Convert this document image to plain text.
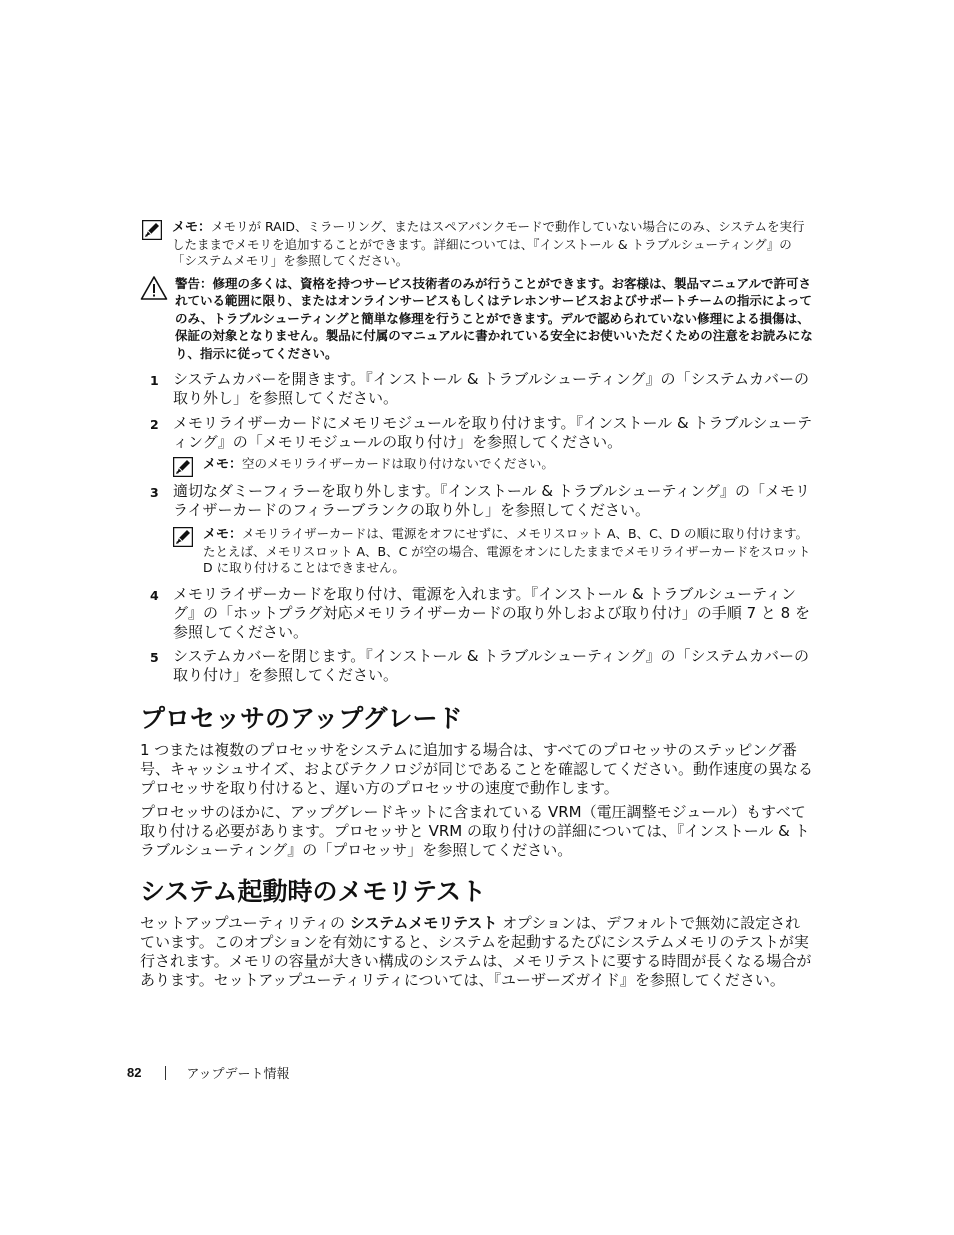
メモ：メモリが RAID、ミラーリング、またはスペアバンクモードで動作していない場合にのみ、システムを実行したままでメモリを追加することができます。詳細については、『インストール & トラブルシューティング』の「システムメモリ」を参照してください。
警告：修理の多くは、資格を持つサービス技術者のみが行うことができます。お客様は、製品マニュアルで許可されている範囲に限り、またはオンラインサービスもしくはテレホンサービスおよびサポートチームの指示によってのみ、トラブルシューティングと簡単な修理を行うことができます。デルで認められていない修理による損傷は、保証の対象となりません。製品に付属のマニュアルに書かれている安全にお使いいただくための注意をお読みになり、指示に従ってください。
1 システムカバーを開きます。『インストール & トラブルシューティング』の「システムカバーの取り外し」を参照してください。
2 メモリライザーカードにメモリモジュールを取り付けます。『インストール & トラブルシューティング』の「メモリモジュールの取り付け」を参照してください。
メモ：空のメモリライザーカードは取り付けないでください。
3 適切なダミーフィラーを取り外します。『インストール & トラブルシューティング』の「メモリライザーカードのフィラーブランクの取り外し」を参照してください。
メモ：メモリライザーカードは、電源をオフにせずに、メモリスロット A、B、C、D の順に取り付けます。たとえば、メモリスロット A、B、C が空の場合、電源をオンにしたままでメモリライザーカードをスロット D に取り付けることはできません。
4 メモリライザーカードを取り付け、電源を入れます。『インストール & トラブルシューティング』の「ホットプラグ対応メモリライザーカードの取り外しおよび取り付け」の手順 7 と 8 を参照してください。
5 システムカバーを閉じます。『インストール & トラブルシューティング』の「システムカバーの取り付け」を参照してください。
プロセッサのアップグレード

1 つまたは複数のプロセッサをシステムに追加する場合は、すべてのプロセッサのステッピング番号、キャッシュサイズ、およびテクノロジが同じであることを確認してください。動作速度の異なるプロセッサを取り付けると、遅い方のプロセッサの速度で動作します。

プロセッサのほかに、アップグレードキットに含まれている VRM（電圧調整モジュール）もすべて取り付ける必要があります。プロセッサと VRM の取り付けの詳細については、『インストール & トラブルシューティング』の「プロセッサ」を参照してください。

システム起動時のメモリテスト

セットアップユーティリティの システムメモリテスト オプションは、デフォルトで無効に設定されています。このオプションを有効にすると、システムを起動するたびにシステムメモリのテストが実行されます。メモリの容量が大きい構成のシステムは、メモリテストに要する時間が長くなる場合があります。セットアップユーティリティについては、『ユーザーズガイド』を参照してください。

82	アップデート情報
